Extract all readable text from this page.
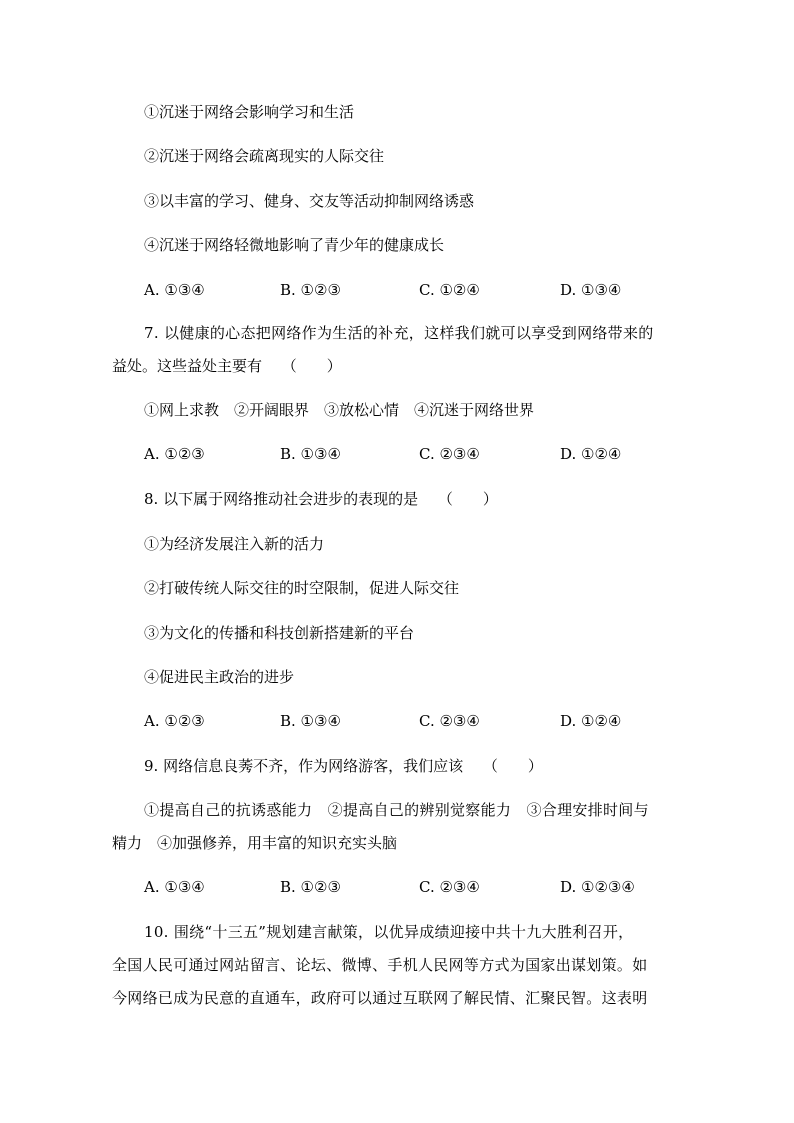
①沉迷于网络会影响学习和生活
②沉迷于网络会疏离现实的人际交往
③以丰富的学习、健身、交友等活动抑制网络诱惑
④沉迷于网络轻微地影响了青少年的健康成长
A. ①③④	B. ①②③	C. ①②④	D. ①③④
7. 以健康的心态把网络作为生活的补充，这样我们就可以享受到网络带来的
益处。这些益处主要有　 （　　）
①网上求教　②开阔眼界　③放松心情　④沉迷于网络世界
A. ①②③	B. ①③④	C. ②③④	D. ①②④
8. 以下属于网络推动社会进步的表现的是　 （　　）
①为经济发展注入新的活力
②打破传统人际交往的时空限制，促进人际交往
③为文化的传播和科技创新搭建新的平台
④促进民主政治的进步
A. ①②③	B. ①③④	C. ②③④	D. ①②④
9. 网络信息良莠不齐，作为网络游客，我们应该　 （　　）
①提高自己的抗诱惑能力　②提高自己的辨别觉察能力　③合理安排时间与
精力　④加强修养，用丰富的知识充实头脑
A. ①③④	B. ①②③	C. ②③④	D. ①②③④
10. 围绕“十三五”规划建言献策，以优异成绩迎接中共十九大胜利召开，
全国人民可通过网站留言、论坛、微博、手机人民网等方式为国家出谋划策。如
今网络已成为民意的直通车，政府可以通过互联网了解民情、汇聚民智。这表明
